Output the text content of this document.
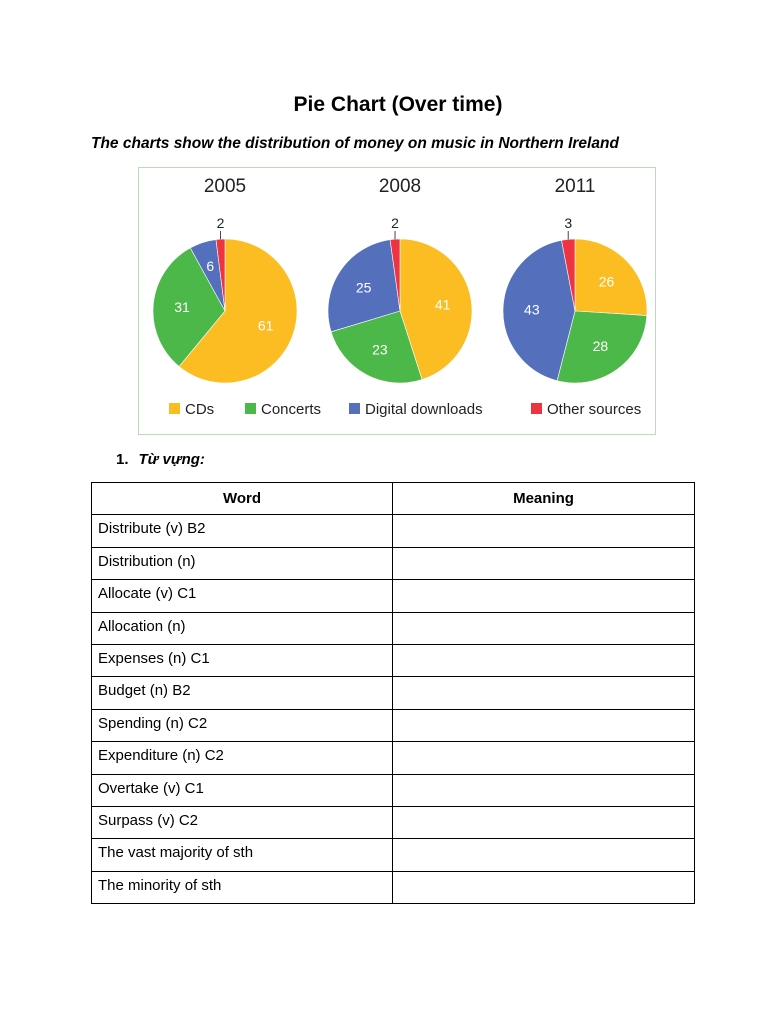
Pie Chart (Over time)
The charts show the distribution of money on music in Northern Ireland
2005
61
31
6
2
2008
41
23
25
2
2011
26
28
43
3
CDs	Concerts	Digital downloads	Other sources
1. Từ vựng:
Word	Meaning
Distribute (v) B2	
Distribution (n)	
Allocate (v) C1	
Allocation (n)	
Expenses (n) C1	
Budget (n) B2	
Spending (n) C2	
Expenditure (n) C2	
Overtake (v) C1	
Surpass (v) C2	
The vast majority of sth	
The minority of sth	
